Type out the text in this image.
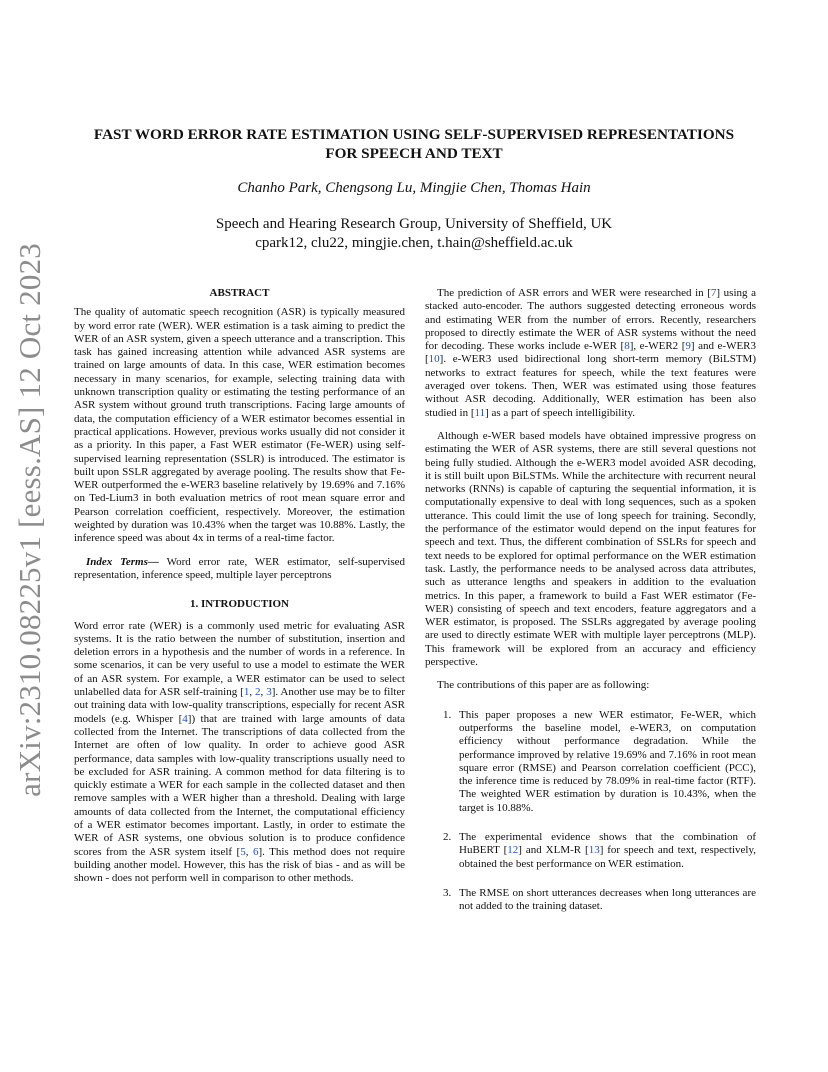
arXiv:2310.08225v1 [eess.AS] 12 Oct 2023
FAST WORD ERROR RATE ESTIMATION USING SELF-SUPERVISED REPRESENTATIONS
FOR SPEECH AND TEXT
Chanho Park, Chengsong Lu, Mingjie Chen, Thomas Hain
Speech and Hearing Research Group, University of Sheffield, UK
cpark12, clu22, mingjie.chen, t.hain@sheffield.ac.uk
ABSTRACT

The quality of automatic speech recognition (ASR) is typically measured by word error rate (WER). WER estimation is a task aiming to predict the WER of an ASR system, given a speech utterance and a transcription. This task has gained increasing attention while advanced ASR systems are trained on large amounts of data. In this case, WER estimation becomes necessary in many scenarios, for example, selecting training data with unknown transcription quality or estimating the testing performance of an ASR system without ground truth transcriptions. Facing large amounts of data, the computation efficiency of a WER estimator becomes essential in practical applications. However, previous works usually did not consider it as a priority. In this paper, a Fast WER estimator (Fe-WER) using self-supervised learning representation (SSLR) is introduced. The estimator is built upon SSLR aggregated by average pooling. The results show that Fe-WER outperformed the e-WER3 baseline relatively by 19.69% and 7.16% on Ted-Lium3 in both evaluation metrics of root mean square error and Pearson correlation coefficient, respectively. Moreover, the estimation weighted by duration was 10.43% when the target was 10.88%. Lastly, the inference speed was about 4x in terms of a real-time factor.

Index Terms— Word error rate, WER estimator, self-supervised representation, inference speed, multiple layer perceptrons

1. INTRODUCTION

Word error rate (WER) is a commonly used metric for evaluating ASR systems. It is the ratio between the number of substitution, insertion and deletion errors in a hypothesis and the number of words in a reference. In some scenarios, it can be very useful to use a model to estimate the WER of an ASR system. For example, a WER estimator can be used to select unlabelled data for ASR self-training [1, 2, 3]. Another use may be to filter out training data with low-quality transcriptions, especially for recent ASR models (e.g. Whisper [4]) that are trained with large amounts of data collected from the Internet. The transcriptions of data collected from the Internet are often of low quality. In order to achieve good ASR performance, data samples with low-quality transcriptions usually need to be excluded for ASR training. A common method for data filtering is to quickly estimate a WER for each sample in the collected dataset and then remove samples with a WER higher than a threshold. Dealing with large amounts of data collected from the Internet, the computational efficiency of a WER estimator becomes important. Lastly, in order to estimate the WER of ASR systems, one obvious solution is to produce confidence scores from the ASR system itself [5, 6]. This method does not require building another model. However, this has the risk of bias - and as will be shown - does not perform well in comparison to other methods.

The prediction of ASR errors and WER were researched in [7] using a stacked auto-encoder. The authors suggested detecting erroneous words and estimating WER from the number of errors. Recently, researchers proposed to directly estimate the WER of ASR systems without the need for decoding. These works include e-WER [8], e-WER2 [9] and e-WER3 [10]. e-WER3 used bidirectional long short-term memory (BiLSTM) networks to extract features for speech, while the text features were averaged over tokens. Then, WER was estimated using those features without ASR decoding. Additionally, WER estimation has been also studied in [11] as a part of speech intelligibility.

Although e-WER based models have obtained impressive progress on estimating the WER of ASR systems, there are still several questions not being fully studied. Although the e-WER3 model avoided ASR decoding, it is still built upon BiLSTMs. While the architecture with recurrent neural networks (RNNs) is capable of capturing the sequential information, it is computationally expensive to deal with long sequences, such as a spoken utterance. This could limit the use of long speech for training. Secondly, the performance of the estimator would depend on the input features for speech and text. Thus, the different combination of SSLRs for speech and text needs to be explored for optimal performance on the WER estimation task. Lastly, the performance needs to be analysed across data attributes, such as utterance lengths and speakers in addition to the evaluation metrics. In this paper, a framework to build a Fast WER estimator (Fe-WER) consisting of speech and text encoders, feature aggregators and a WER estimator, is proposed. The SSLRs aggregated by average pooling are used to directly estimate WER with multiple layer perceptrons (MLP). This framework will be explored from an accuracy and efficiency perspective.

The contributions of this paper are as following:

1. This paper proposes a new WER estimator, Fe-WER, which outperforms the baseline model, e-WER3, on computation efficiency without performance degradation. While the performance improved by relative 19.69% and 7.16% in root mean square error (RMSE) and Pearson correlation coefficient (PCC), the inference time is reduced by 78.09% in real-time factor (RTF). The weighted WER estimation by duration is 10.43%, when the target is 10.88%.
2. The experimental evidence shows that the combination of HuBERT [12] and XLM-R [13] for speech and text, respectively, obtained the best performance on WER estimation.
3. The RMSE on short utterances decreases when long utterances are not added to the training dataset.
